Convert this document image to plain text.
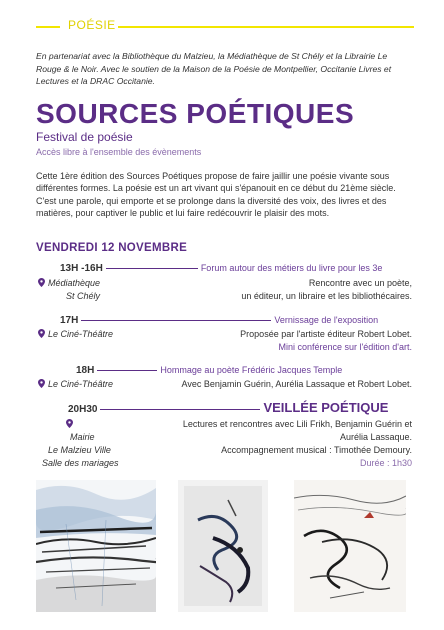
POÉSIE
En partenariat avec la Bibliothèque du Malzieu, la Médiathèque de St Chély et la Librairie Le Rouge & le Noir. Avec le soutien de la Maison de la Poésie de Montpellier, Occitanie Livres et Lectures et la DRAC Occitanie.
SOURCES POÉTIQUES
Festival de poésie
Accès libre à l'ensemble des évènements
Cette 1ère édition des Sources Poétiques propose de faire jaillir une poésie vivante sous différentes formes. La poésie est un art vivant qui s'épanouit en ce début du 21ème siècle. C'est une parole, qui emporte et se prolonge dans la diversité des voix, des livres et des matières, pour captiver le public et lui faire redécouvrir le plaisir des mots.
VENDREDI 12 NOVEMBRE
13H -16H	Forum autour des métiers du livre pour les 3e
Médiathèque
St Chély
Rencontre avec un poète,
un éditeur, un libraire et les bibliothécaires.
17H	Vernissage de l'exposition
Le Ciné-Théâtre	Proposée par l'artiste éditeur Robert Lobet.
Mini conférence sur l'édition d'art.
18H	Hommage au poète Frédéric Jacques Temple
Le Ciné-Théâtre	Avec Benjamin Guérin, Aurélia Lassaque et Robert Lobet.
20H30	VEILLÉE POÉTIQUE
Mairie
Le Malzieu Ville
Salle des mariages
Lectures et rencontres avec Lili Frikh, Benjamin Guérin et
Aurélia Lassaque.
Accompagnement musical : Timothée Demoury.
Durée : 1h30
